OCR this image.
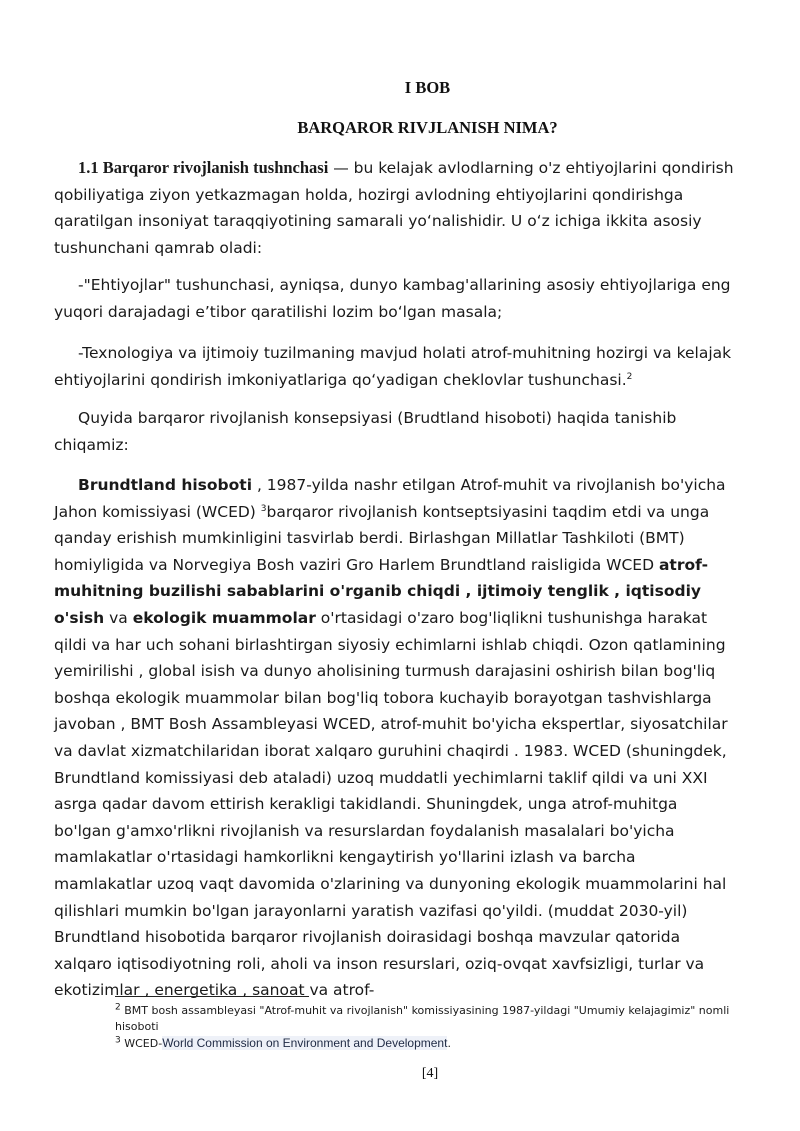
I BOB
BARQAROR RIVJLANISH NIMA?

1.1 Barqaror rivojlanish tushnchasi — bu kelajak avlodlarning o'z ehtiyojlarini qondirish qobiliyatiga ziyon yetkazmagan holda, hozirgi avlodning ehtiyojlarini qondirishga qaratilgan insoniyat taraqqiyotining samarali yoʻnalishidir. U oʻz ichiga ikkita asosiy tushunchani qamrab oladi:

-"Ehtiyojlar" tushunchasi, ayniqsa, dunyo kambag'allarining asosiy ehtiyojlariga eng yuqori darajadagi eʼtibor qaratilishi lozim boʻlgan masala;

-Texnologiya va ijtimoiy tuzilmaning mavjud holati atrof-muhitning hozirgi va kelajak ehtiyojlarini qondirish imkoniyatlariga qoʻyadigan cheklovlar tushunchasi.$^2$

Quyida barqaror rivojlanish konsepsiyasi (Brudtland hisoboti) haqida tanishib chiqamiz:

Brundtland hisoboti , 1987-yilda nashr etilgan Atrof-muhit va rivojlanish bo'yicha Jahon komissiyasi (WCED) $^3$barqaror rivojlanish kontseptsiyasini taqdim etdi va unga qanday erishish mumkinligini tasvirlab berdi. Birlashgan Millatlar Tashkiloti (BMT) homiyligida va Norvegiya Bosh vaziri Gro Harlem Brundtland raisligida WCED atrof-muhitning buzilishi sabablarini o'rganib chiqdi , ijtimoiy tenglik , iqtisodiy o'sish va ekologik muammolar o'rtasidagi o'zaro bog'liqlikni tushunishga harakat qildi va har uch sohani birlashtirgan siyosiy echimlarni ishlab chiqdi. Ozon qatlamining yemirilishi , global isish va dunyo aholisining turmush darajasini oshirish bilan bog'liq boshqa ekologik muammolar bilan bog'liq tobora kuchayib borayotgan tashvishlarga javoban , BMT Bosh Assambleyasi WCED, atrof-muhit bo'yicha ekspertlar, siyosatchilar va davlat xizmatchilaridan iborat xalqaro guruhini chaqirdi . 1983. WCED (shuningdek, Brundtland komissiyasi deb ataladi) uzoq muddatli yechimlarni taklif qildi va uni XXI asrga qadar davom ettirish kerakligi takidlandi. Shuningdek, unga atrof-muhitga bo'lgan g'amxo'rlikni rivojlanish va resurslardan foydalanish masalalari bo'yicha mamlakatlar o'rtasidagi hamkorlikni kengaytirish yo'llarini izlash va barcha mamlakatlar uzoq vaqt davomida o'zlarining va dunyoning ekologik muammolarini hal qilishlari mumkin bo'lgan jarayonlarni yaratish vazifasi qo'yildi. (muddat 2030-yil) Brundtland hisobotida barqaror rivojlanish doirasidagi boshqa mavzular qatorida xalqaro iqtisodiyotning roli, aholi va inson resurslari, oziq-ovqat xavfsizligi, turlar va ekotizimlar , energetika , sanoat va atrof-

$^2$ BMT bosh assambleyasi "Atrof-muhit va rivojlanish" komissiyasining 1987-yildagi "Umumiy kelajagimiz" nomli hisoboti

$^3$ WCED-World Commission on Environment and Development.

[4]
